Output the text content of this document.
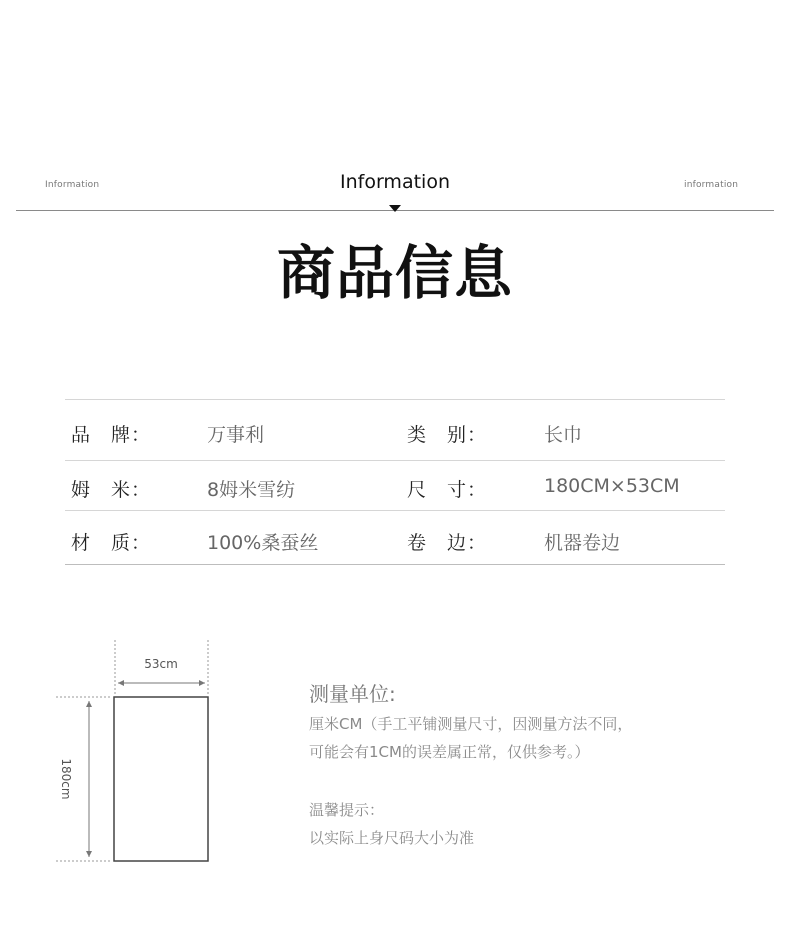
Information	Information	information
商品信息
品　牌：	万事利	类　别：	长巾
姆　米：	8姆米雪纺	尺　寸：	180CM×53CM
材　质：	100%桑蚕丝	卷　边：	机器卷边
53cm
180cm
测量单位:
厘米CM（手工平铺测量尺寸，因测量方法不同，
可能会有1CM的误差属正常，仅供参考。）
温馨提示：
以实际上身尺码大小为准
